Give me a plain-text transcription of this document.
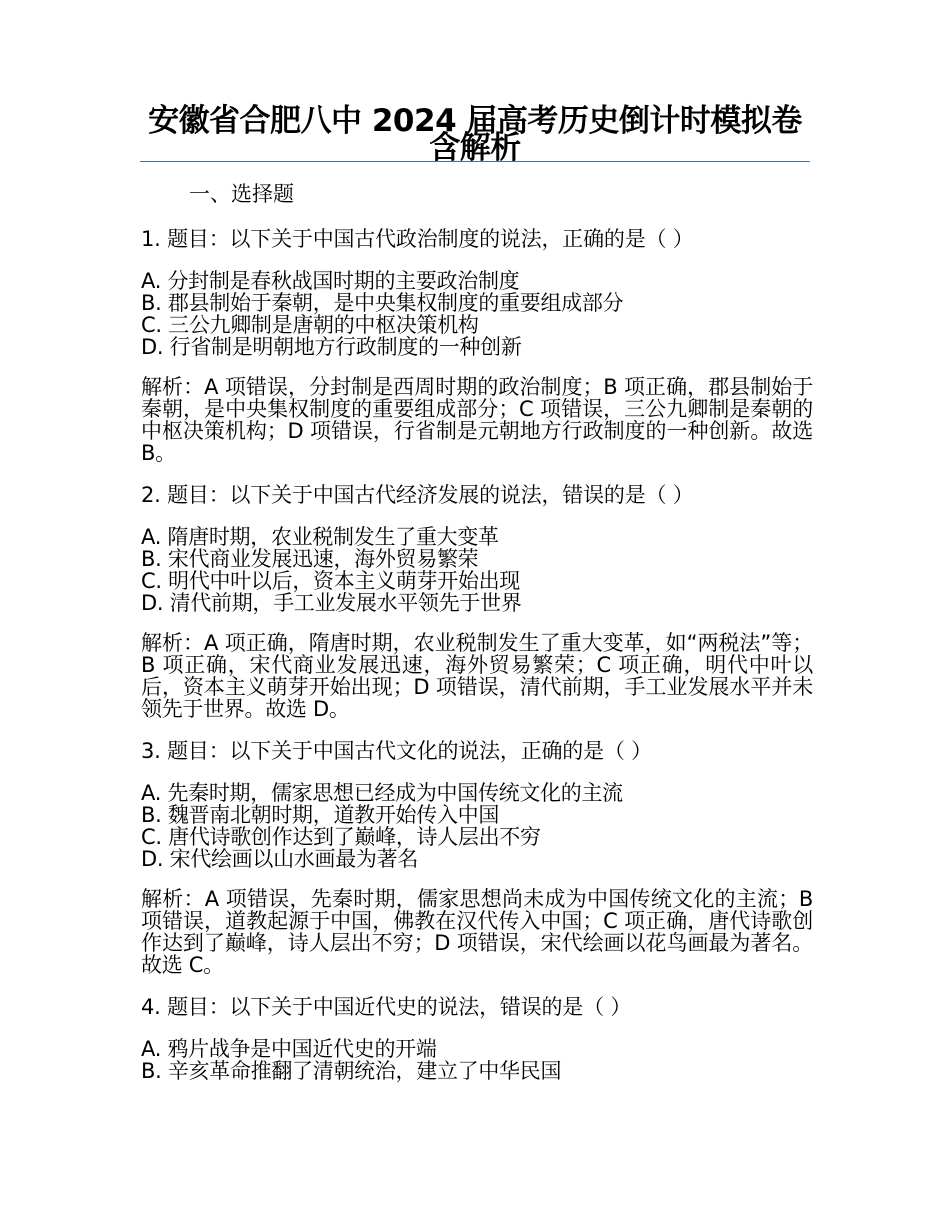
安徽省合肥八中 2024 届高考历史倒计时模拟卷含解析

一、选择题

1. 题目：以下关于中国古代政治制度的说法，正确的是（ ）

A. 分封制是春秋战国时期的主要政治制度
B. 郡县制始于秦朝，是中央集权制度的重要组成部分
C. 三公九卿制是唐朝的中枢决策机构
D. 行省制是明朝地方行政制度的一种创新

解析：A 项错误，分封制是西周时期的政治制度；B 项正确，郡县制始于秦朝，是中央集权制度的重要组成部分；C 项错误，三公九卿制是秦朝的中枢决策机构；D 项错误，行省制是元朝地方行政制度的一种创新。故选 B。

2. 题目：以下关于中国古代经济发展的说法，错误的是（ ）

A. 隋唐时期，农业税制发生了重大变革
B. 宋代商业发展迅速，海外贸易繁荣
C. 明代中叶以后，资本主义萌芽开始出现
D. 清代前期，手工业发展水平领先于世界

解析：A 项正确，隋唐时期，农业税制发生了重大变革，如“两税法”等；B 项正确，宋代商业发展迅速，海外贸易繁荣；C 项正确，明代中叶以后，资本主义萌芽开始出现；D 项错误，清代前期，手工业发展水平并未领先于世界。故选 D。

3. 题目：以下关于中国古代文化的说法，正确的是（ ）

A. 先秦时期，儒家思想已经成为中国传统文化的主流
B. 魏晋南北朝时期，道教开始传入中国
C. 唐代诗歌创作达到了巅峰，诗人层出不穷
D. 宋代绘画以山水画最为著名

解析：A 项错误，先秦时期，儒家思想尚未成为中国传统文化的主流；B 项错误，道教起源于中国，佛教在汉代传入中国；C 项正确，唐代诗歌创作达到了巅峰，诗人层出不穷；D 项错误，宋代绘画以花鸟画最为著名。故选 C。

4. 题目：以下关于中国近代史的说法，错误的是（ ）

A. 鸦片战争是中国近代史的开端
B. 辛亥革命推翻了清朝统治，建立了中华民国
